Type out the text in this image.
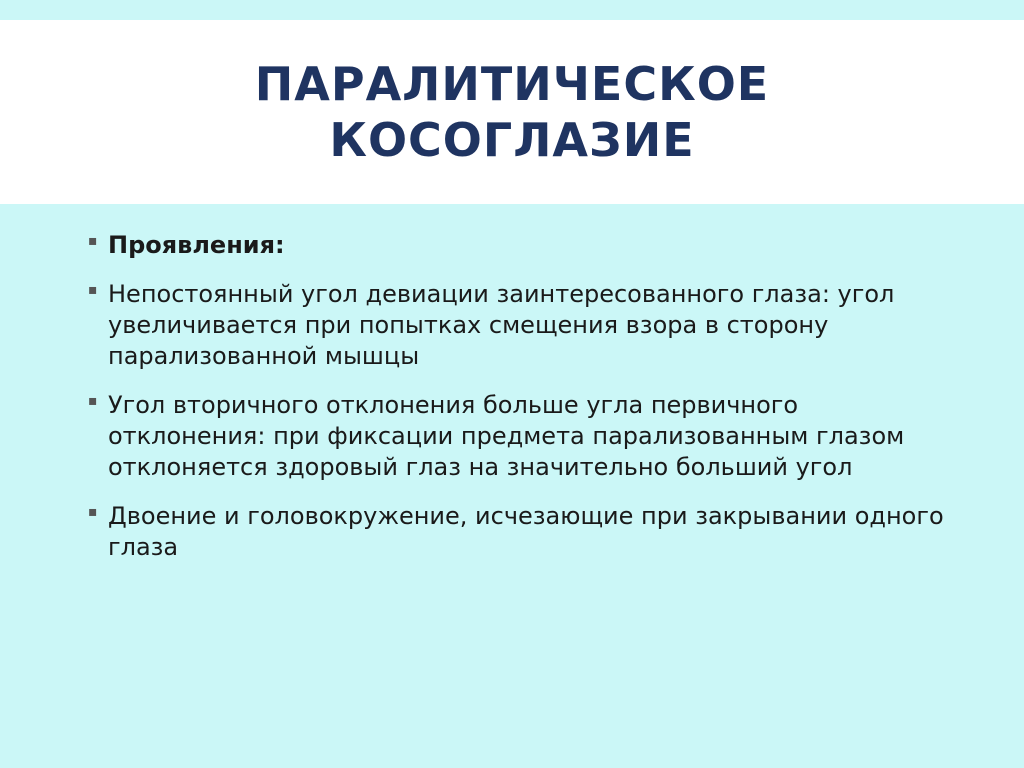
ПАРАЛИТИЧЕСКОЕ
КОСОГЛАЗИЕ
▪ Проявления:
▪ Непостоянный угол девиации заинтересованного глаза: угол увеличивается при попытках смещения взора в сторону парализованной мышцы
▪ Угол вторичного отклонения больше угла первичного отклонения: при фиксации предмета парализованным глазом отклоняется здоровый глаз на значительно больший угол
▪ Двоение и головокружение, исчезающие при закрывании одного глаза
